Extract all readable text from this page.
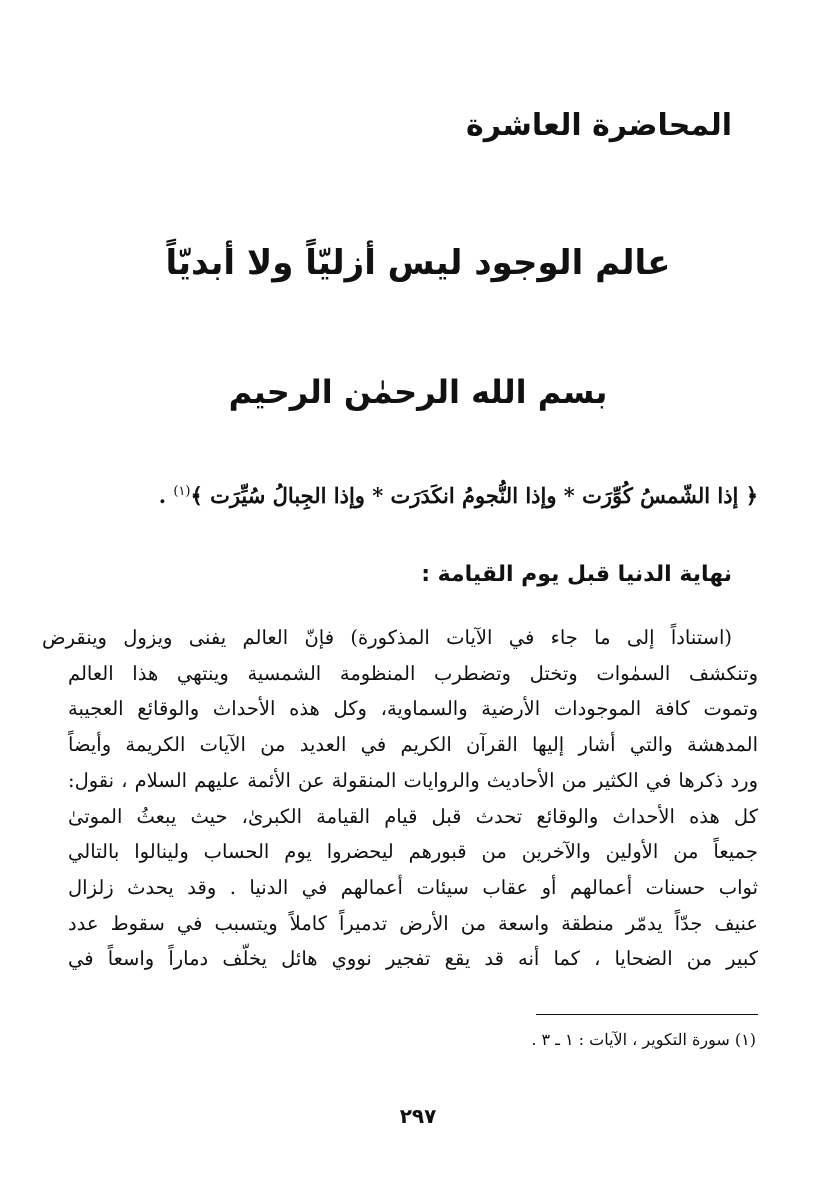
المحاضرة العاشرة
عالم الوجود ليس أزليّاً ولا أبديّاً
بسم الله الرحمٰن الرحيم

﴿ إذا الشّمسُ كُوِّرَت * وإذا النُّجومُ انكَدَرَت * وإذا الجِبالُ سُيِّرَت ﴾$^{(١)}$ .

نهاية الدنيا قبل يوم القيامة :
(استناداً إلى ما جاء في الآيات المذكورة) فإنّ العالم يفنى ويزول وينقرض
وتنكشف السمٰوات وتختل وتضطرب المنظومة الشمسية وينتهي هذا العالم
وتموت كافة الموجودات الأرضية والسماوية، وكل هذه الأحداث والوقائع العجيبة
المدهشة والتي أشار إليها القرآن الكريم في العديد من الآيات الكريمة وأيضاً
ورد ذكرها في الكثير من الأحاديث والروايات المنقولة عن الأئمة عليهم السلام ، نقول:
كل هذه الأحداث والوقائع تحدث قبل قيام القيامة الكبرىٰ، حيث يبعثُ الموتىٰ
جميعاً من الأولين والآخرين من قبورهم ليحضروا يوم الحساب ولينالوا بالتالي
ثواب حسنات أعمالهم أو عقاب سيئات أعمالهم في الدنيا . وقد يحدث زلزال
عنيف جدّاً يدمّر منطقة واسعة من الأرض تدميراً كاملاً ويتسبب في سقوط عدد
كبير من الضحايا ، كما أنه قد يقع تفجير نووي هائل يخلّف دماراً واسعاً في

(١) سورة التكوير ، الآيات : ١ ـ ٣ .

٢٩٧
